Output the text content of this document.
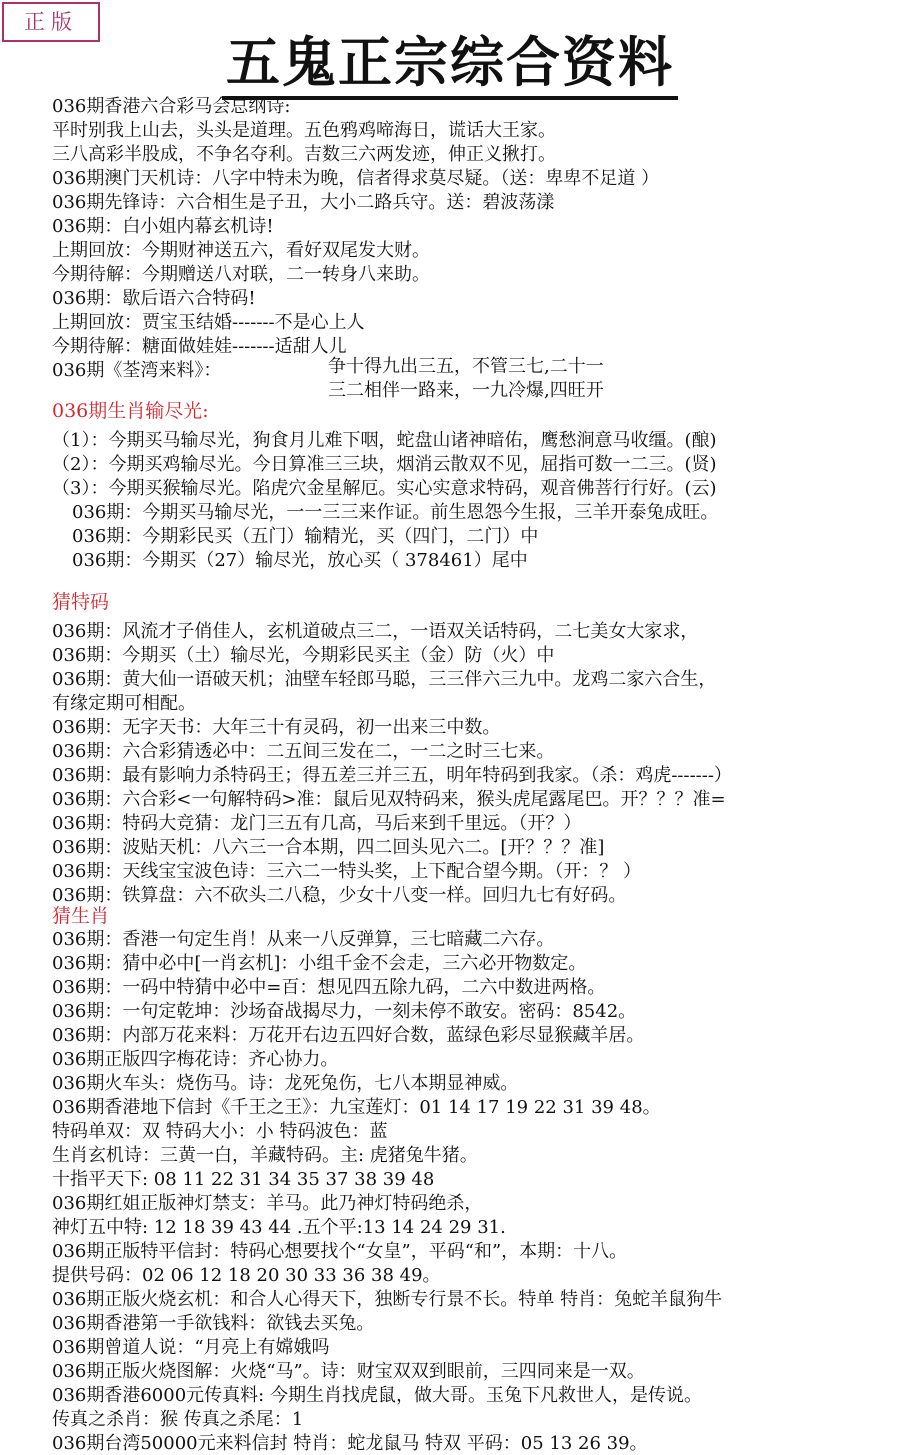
正版
五鬼正宗综合资料
036期香港六合彩马会总纲诗:
平时别我上山去，头头是道理。五色鸦鸡啼海日，谎话大王家。
三八高彩半股成，不争名夺利。吉数三六两发迹，伸正义揪打。
036期澳门天机诗：八字中特未为晚，信者得求莫尽疑。（送：卑卑不足道 ）
036期先锋诗：六合相生是子丑，大小二路兵守。送：碧波荡漾
036期：白小姐内幕玄机诗!
上期回放：今期财神送五六，看好双尾发大财。
今期待解：今期赠送八对联，二一转身八来助。
036期：歇后语六合特码!
上期回放：贾宝玉结婚-------不是心上人
今期待解：糖面做娃娃-------适甜人儿
036期《荃湾来料》：	争十得九出三五，不管三七,二十一
三二相伴一路来，一九冷爆,四旺开
036期生肖输尽光:
（1）：今期买马输尽光，狗食月儿难下咽，蛇盘山诸神暗佑，鹰愁涧意马收缰。(酿)
（2）：今期买鸡输尽光。今日算准三三块，烟消云散双不见，屈指可数一二三。(贤)
（3）：今期买猴输尽光。陷虎穴金星解厄。实心实意求特码，观音佛菩行行好。(云)
036期：今期买马输尽光，一一三三来作证。前生恩怨今生报，三羊开泰兔成旺。
036期：今期彩民买（五门）输精光，买（四门，二门）中
036期：今期买（27）输尽光，放心买（ 378461）尾中
猜特码
036期：风流才子俏佳人，玄机道破点三二，一语双关话特码，二七美女大家求，
036期：今期买（土）输尽光，今期彩民买主（金）防（火）中
036期：黄大仙一语破天机；油壁车轻郎马聪，三三伴六三九中。龙鸡二家六合生，
有缘定期可相配。
036期：无字天书：大年三十有灵码，初一出来三中数。
036期：六合彩猜透必中：二五间三发在二，一二之时三七来。
036期：最有影响力杀特码王；得五差三并三五，明年特码到我家。（杀：鸡虎-------）
036期：六合彩<一句解特码>准：鼠后见双特码来，猴头虎尾露尾巴。开？？？准=
036期：特码大竞猜：龙门三五有几高，马后来到千里远。（开？）
036期：波贴天机：八六三一合本期，四二回头见六二。[开？？？准]
036期：天线宝宝波色诗：三六二一特头奖，上下配合望今期。（开：？ ）
036期：铁算盘：六不砍头二八稳，少女十八变一样。回归九七有好码。
猜生肖
036期：香港一句定生肖！从来一八反弹算，三七暗藏二六存。
036期：猜中必中[一肖玄机]：小组千金不会走，三六必开物数定。
036期：一码中特猜中必中=百：想见四五除九码，二六中数进两格。
036期：一句定乾坤：沙场奋战揭尽力，一刻未停不敢安。密码：8542。
036期：内部万花来料：万花开右边五四好合数，蓝绿色彩尽显猴藏羊居。
036期正版四字梅花诗：齐心协力。
036期火车头：烧伤马。诗：龙死兔伤，七八本期显神威。
036期香港地下信封《千王之王》：九宝莲灯：01 14 17 19 22 31 39 48。
特码单双：双 特码大小：小 特码波色：蓝
生肖玄机诗：三黄一白，羊藏特码。主: 虎猪兔牛猪。
十指平天下: 08 11 22 31 34 35 37 38 39 48
036期红姐正版神灯禁支：羊马。此乃神灯特码绝杀，
神灯五中特: 12 18 39 43 44 .五个平:13 14 24 29 31.
036期正版特平信封：特码心想要找个“女皇”，平码“和”，本期：十八。
提供号码：02 06 12 18 20 30 33 36 38 49。
036期正版火烧玄机：和合人心得天下，独断专行景不长。特单 特肖：兔蛇羊鼠狗牛
036期香港第一手欲钱料：欲钱去买兔。
036期曾道人说：“月亮上有嫦娥吗
036期正版火烧图解：火烧“马”。诗：财宝双双到眼前，三四同来是一双。
036期香港6000元传真料: 今期生肖找虎鼠，做大哥。玉兔下凡救世人，是传说。
传真之杀肖：猴 传真之杀尾：1
036期台湾50000元来料信封 特肖：蛇龙鼠马 特双 平码：05 13 26 39。
